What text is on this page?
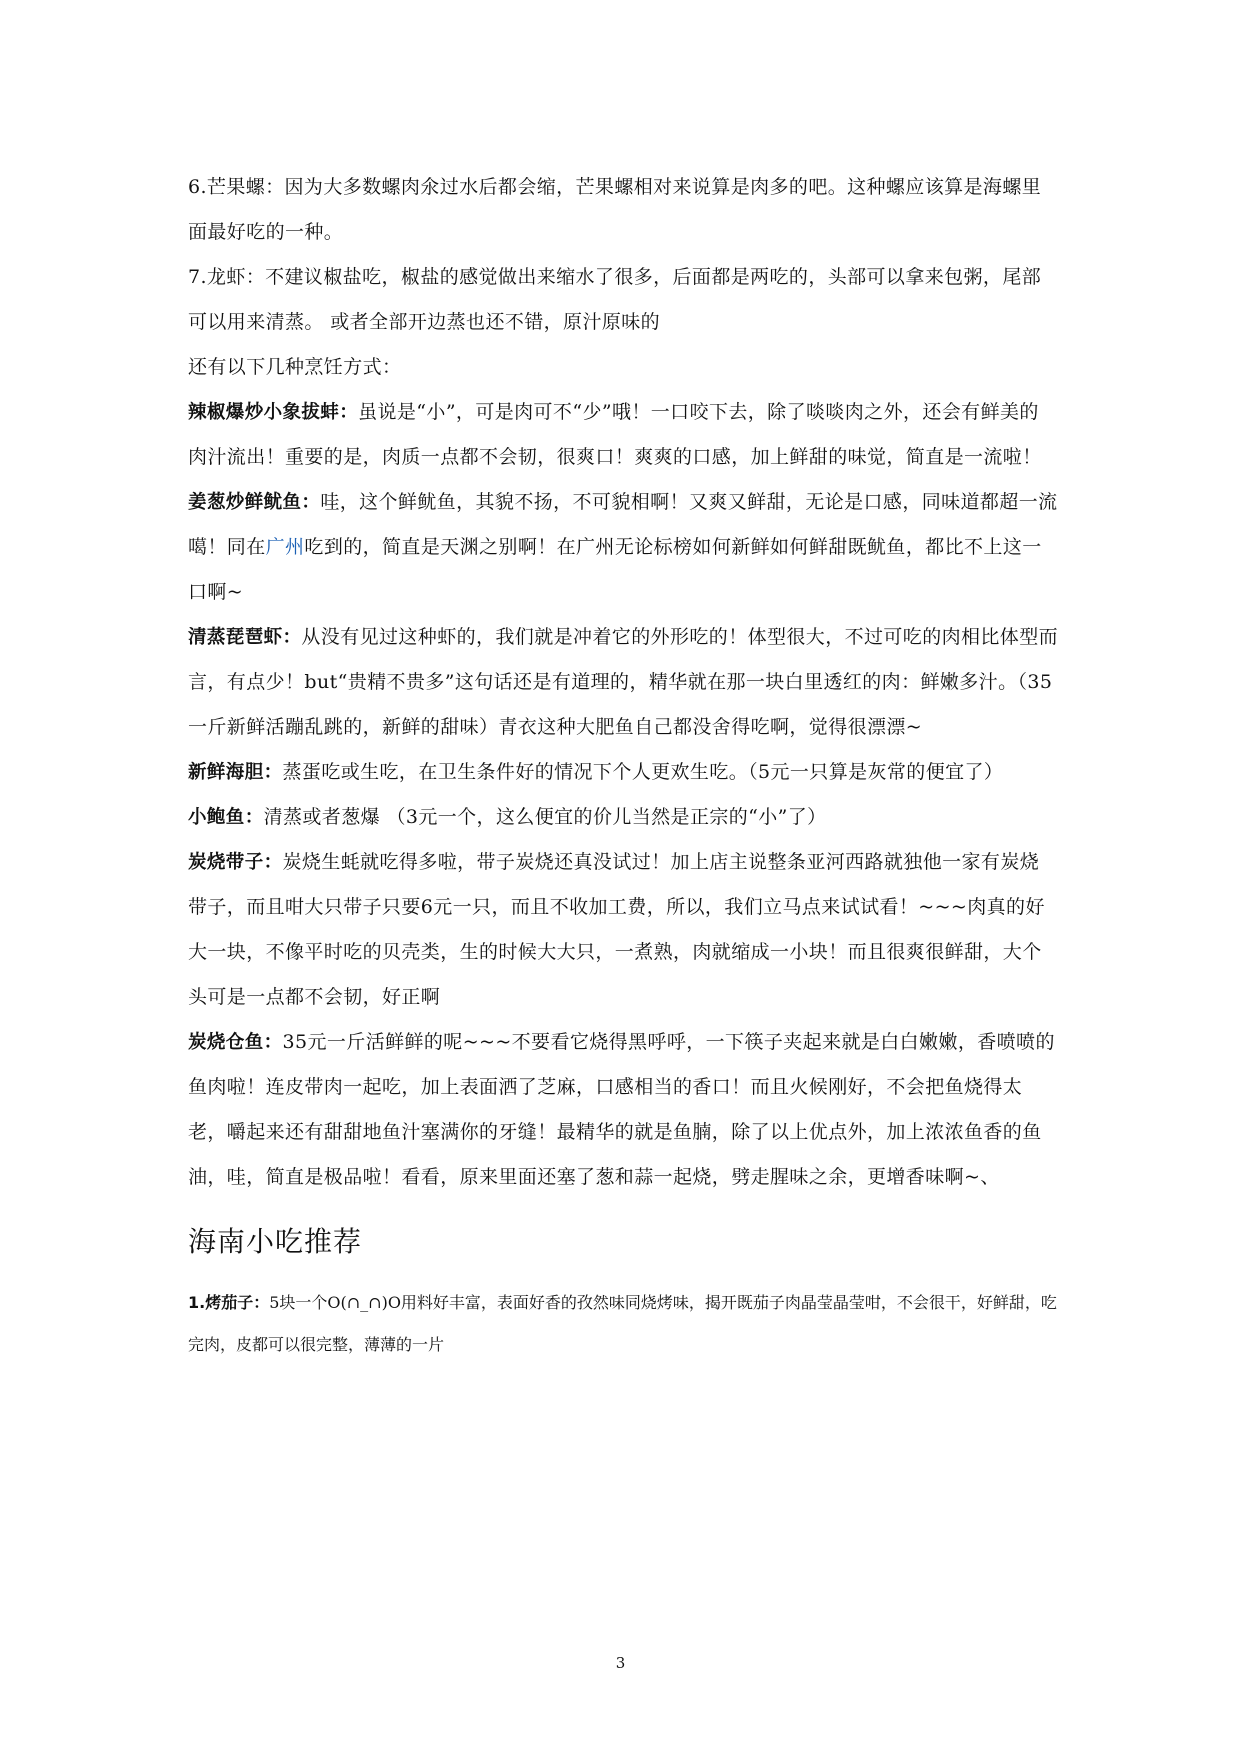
6.芒果螺：因为大多数螺肉氽过水后都会缩，芒果螺相对来说算是肉多的吧。这种螺应该算是海螺里面最好吃的一种。

7.龙虾：不建议椒盐吃，椒盐的感觉做出来缩水了很多，后面都是两吃的，头部可以拿来包粥，尾部可以用来清蒸。 或者全部开边蒸也还不错，原汁原味的

还有以下几种烹饪方式：

辣椒爆炒小象拔蚌：虽说是“小”，可是肉可不“少”哦！一口咬下去，除了啖啖肉之外，还会有鲜美的肉汁流出！重要的是，肉质一点都不会韧，很爽口！爽爽的口感，加上鲜甜的味觉，简直是一流啦！

姜葱炒鲜鱿鱼：哇，这个鲜鱿鱼，其貌不扬，不可貌相啊！又爽又鲜甜，无论是口感，同味道都超一流噶！同在广州吃到的，简直是天渊之别啊！在广州无论标榜如何新鲜如何鲜甜既鱿鱼，都比不上这一口啊~

清蒸琵琶虾：从没有见过这种虾的，我们就是冲着它的外形吃的！体型很大，不过可吃的肉相比体型而言，有点少！but“贵精不贵多”这句话还是有道理的，精华就在那一块白里透红的肉：鲜嫩多汁。（35一斤新鲜活蹦乱跳的，新鲜的甜味）青衣这种大肥鱼自己都没舍得吃啊，觉得很漂漂~

新鲜海胆：蒸蛋吃或生吃，在卫生条件好的情况下个人更欢生吃。（5元一只算是灰常的便宜了）

小鲍鱼：清蒸或者葱爆 （3元一个，这么便宜的价儿当然是正宗的“小”了）

炭烧带子：炭烧生蚝就吃得多啦，带子炭烧还真没试过！加上店主说整条亚河西路就独他一家有炭烧带子，而且咁大只带子只要6元一只，而且不收加工费，所以，我们立马点来试试看！~~~肉真的好大一块，不像平时吃的贝壳类，生的时候大大只，一煮熟，肉就缩成一小块！而且很爽很鲜甜，大个头可是一点都不会韧，好正啊

炭烧仓鱼：35元一斤活鲜鲜的呢~~~不要看它烧得黑呼呼，一下筷子夹起来就是白白嫩嫩，香喷喷的鱼肉啦！连皮带肉一起吃，加上表面洒了芝麻，口感相当的香口！而且火候刚好，不会把鱼烧得太老，嚼起来还有甜甜地鱼汁塞满你的牙缝！最精华的就是鱼腩，除了以上优点外，加上浓浓鱼香的鱼油，哇，简直是极品啦！看看，原来里面还塞了葱和蒜一起烧，劈走腥味之余，更增香味啊~、

海南小吃推荐

1.烤茄子：5块一个O(∩_∩)O用料好丰富，表面好香的孜然味同烧烤味，揭开既茄子肉晶莹晶莹咁，不会很干，好鲜甜，吃完肉，皮都可以很完整，薄薄的一片

3
